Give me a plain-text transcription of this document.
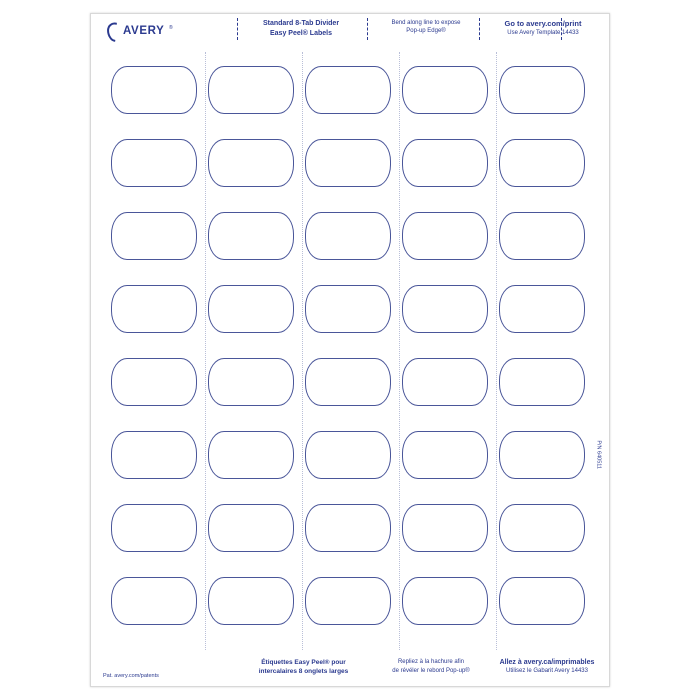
AVERY ®
Standard 8-Tab Divider
Easy Peel® Labels
Bend along line to expose
Pop-up Edge®
Go to avery.com/print
Use Avery Template 14433
P/N 640511
Étiquettes Easy Peel® pour
intercalaires 8 onglets larges
Repliez à la hachure afin
de révéler le rebord Pop-up®
Allez à avery.ca/imprimables
Utilisez le Gabarit Avery 14433
Pat. avery.com/patents
